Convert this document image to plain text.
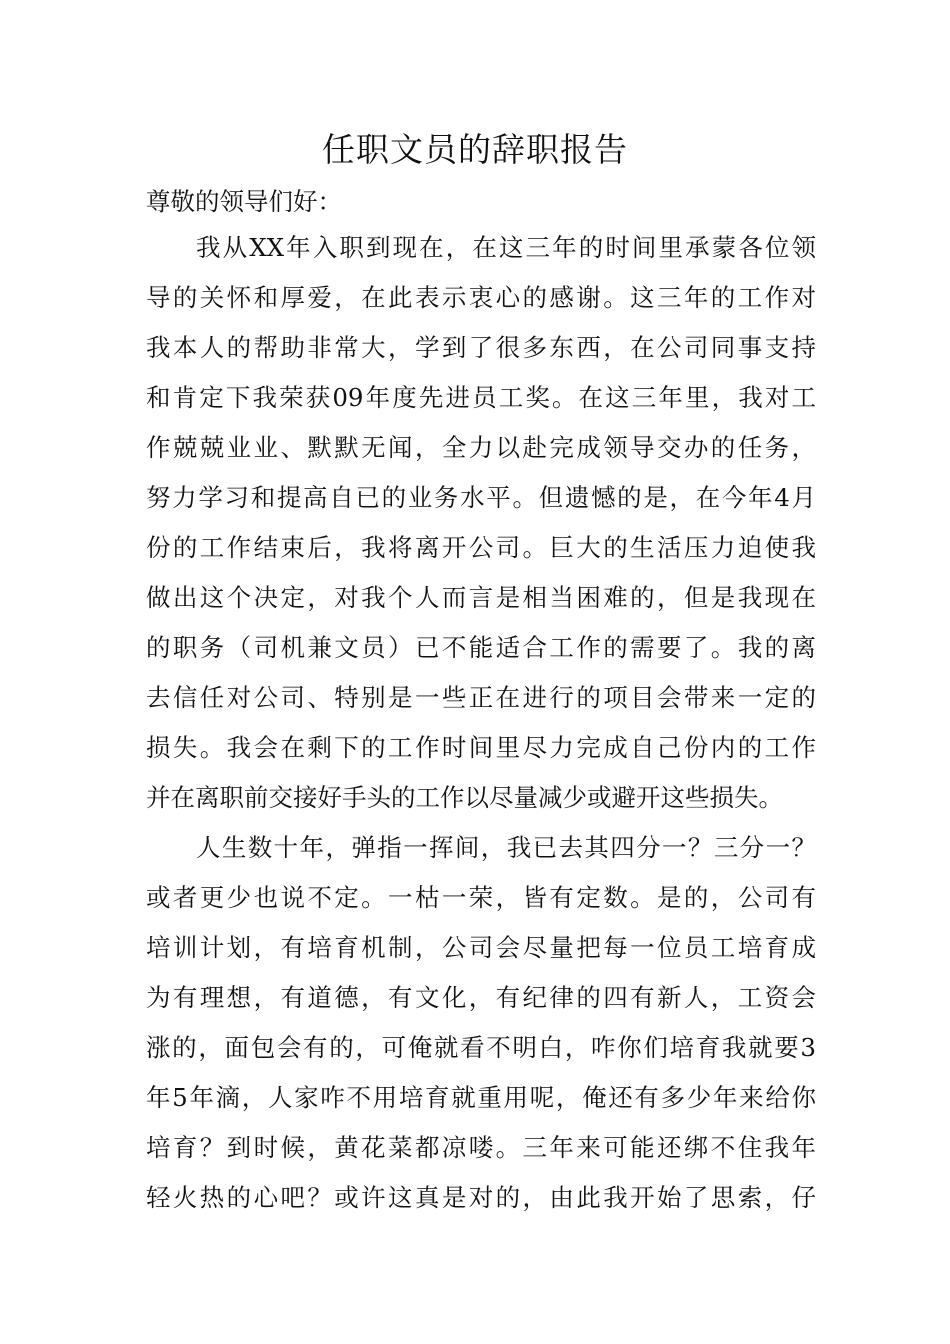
任职文员的辞职报告

尊敬的领导们好：

我从XX年入职到现在，在这三年的时间里承蒙各位领

导的关怀和厚爱，在此表示衷心的感谢。这三年的工作对

我本人的帮助非常大，学到了很多东西，在公司同事支持

和肯定下我荣获09年度先进员工奖。在这三年里，我对工

作兢兢业业、默默无闻，全力以赴完成领导交办的任务，

努力学习和提高自已的业务水平。但遗憾的是，在今年4月

份的工作结束后，我将离开公司。巨大的生活压力迫使我

做出这个决定，对我个人而言是相当困难的，但是我现在

的职务（司机兼文员）已不能适合工作的需要了。我的离

去信任对公司、特别是一些正在进行的项目会带来一定的

损失。我会在剩下的工作时间里尽力完成自己份内的工作

并在离职前交接好手头的工作以尽量减少或避开这些损失。

人生数十年，弹指一挥间，我已去其四分一？三分一？

或者更少也说不定。一枯一荣，皆有定数。是的，公司有

培训计划，有培育机制，公司会尽量把每一位员工培育成

为有理想，有道德，有文化，有纪律的四有新人，工资会

涨的，面包会有的，可俺就看不明白，咋你们培育我就要3

年5年滴，人家咋不用培育就重用呢，俺还有多少年来给你

培育？到时候，黄花菜都凉喽。三年来可能还绑不住我年

轻火热的心吧？或许这真是对的，由此我开始了思索，仔
